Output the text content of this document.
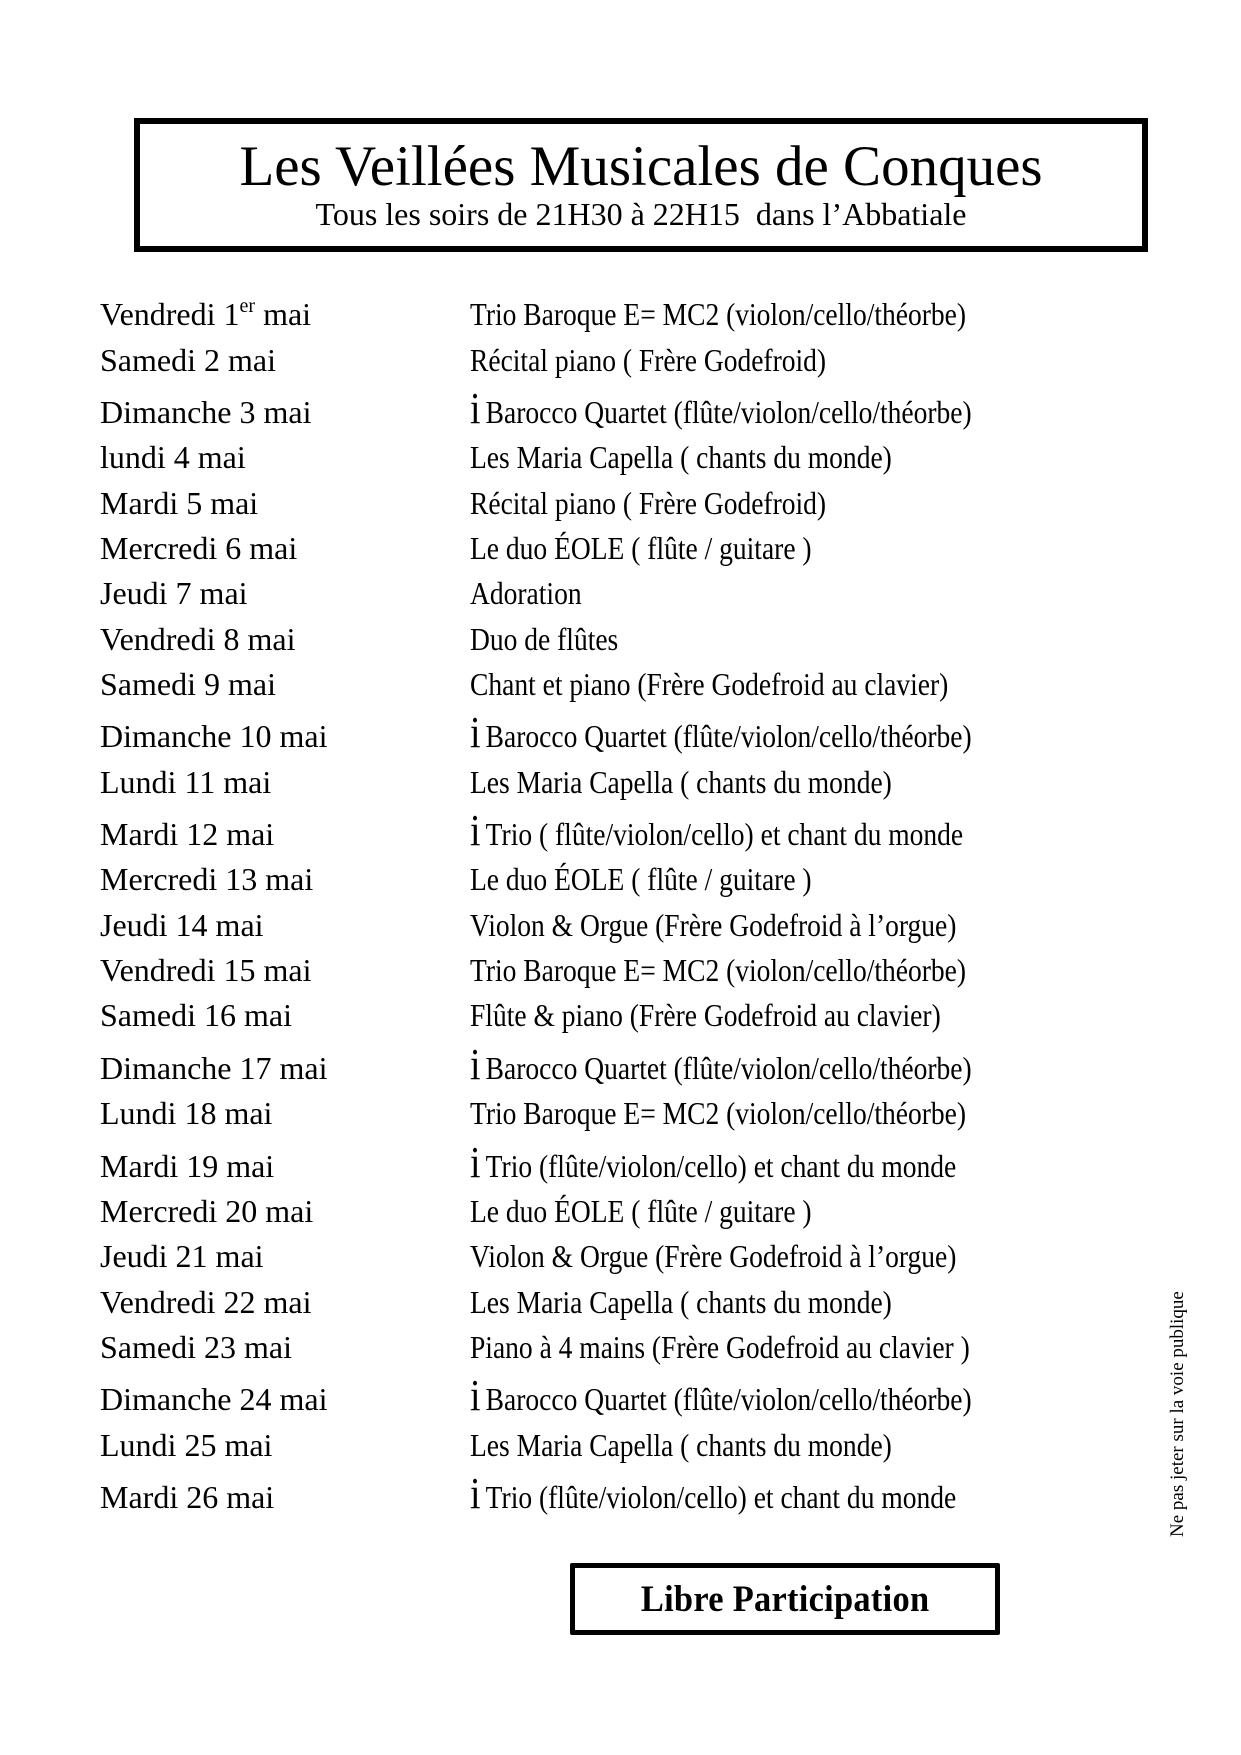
Les Veillées Musicales de Conques
Tous les soirs de 21H30 à 22H15  dans l’Abbatiale
Vendredi 1er mai	Trio Baroque E= MC2 (violon/cello/théorbe)
Samedi 2 mai	Récital piano ( Frère Godefroid)
Dimanche 3 mai	i Barocco Quartet (flûte/violon/cello/théorbe)
lundi 4 mai	Les Maria Capella ( chants du monde)
Mardi 5 mai	Récital piano ( Frère Godefroid)
Mercredi 6 mai	Le duo ÉOLE ( flûte / guitare )
Jeudi 7 mai	Adoration
Vendredi 8 mai	Duo de flûtes
Samedi 9 mai	Chant et piano (Frère Godefroid au clavier)
Dimanche 10 mai	i Barocco Quartet (flûte/violon/cello/théorbe)
Lundi 11 mai	Les Maria Capella ( chants du monde)
Mardi 12 mai	i Trio ( flûte/violon/cello) et chant du monde
Mercredi 13 mai	Le duo ÉOLE ( flûte / guitare )
Jeudi 14 mai	Violon & Orgue (Frère Godefroid à l’orgue)
Vendredi 15 mai	Trio Baroque E= MC2 (violon/cello/théorbe)
Samedi 16 mai	Flûte & piano (Frère Godefroid au clavier)
Dimanche 17 mai	i Barocco Quartet (flûte/violon/cello/théorbe)
Lundi 18 mai	Trio Baroque E= MC2 (violon/cello/théorbe)
Mardi 19 mai	i Trio (flûte/violon/cello) et chant du monde
Mercredi 20 mai	Le duo ÉOLE ( flûte / guitare )
Jeudi 21 mai	Violon & Orgue (Frère Godefroid à l’orgue)
Vendredi 22 mai	Les Maria Capella ( chants du monde)
Samedi 23 mai	Piano à 4 mains (Frère Godefroid au clavier )
Dimanche 24 mai	i Barocco Quartet (flûte/violon/cello/théorbe)
Lundi 25 mai	Les Maria Capella ( chants du monde)
Mardi 26 mai	i Trio (flûte/violon/cello) et chant du monde	Ne pas jeter sur la voie publique
Libre Participation
